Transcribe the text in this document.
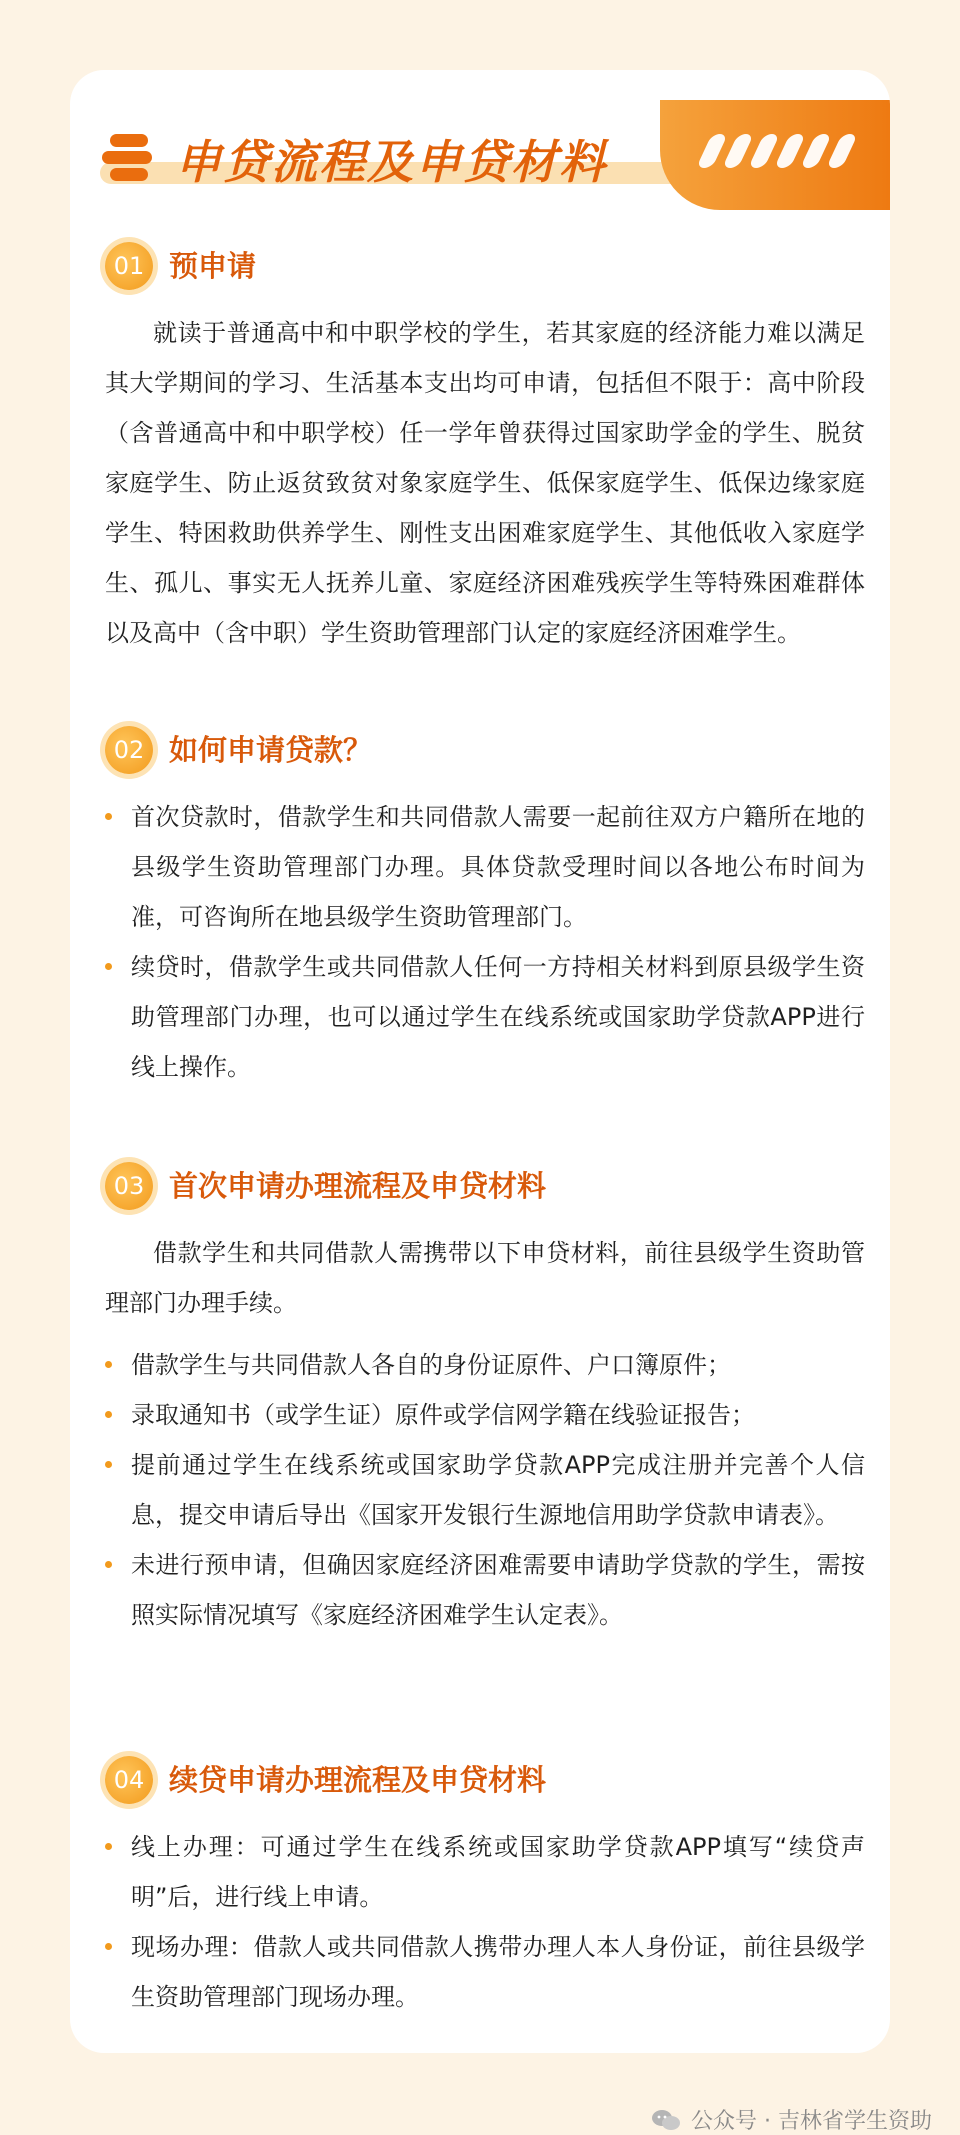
申贷流程及申贷材料
01 预申请

就读于普通高中和中职学校的学生，若其家庭的经济能力难以满足其大学期间的学习、生活基本支出均可申请，包括但不限于：高中阶段（含普通高中和中职学校）任一学年曾获得过国家助学金的学生、脱贫家庭学生、防止返贫致贫对象家庭学生、低保家庭学生、低保边缘家庭学生、特困救助供养学生、刚性支出困难家庭学生、其他低收入家庭学生、孤儿、事实无人抚养儿童、家庭经济困难残疾学生等特殊困难群体以及高中（含中职）学生资助管理部门认定的家庭经济困难学生。

02 如何申请贷款？
首次贷款时，借款学生和共同借款人需要一起前往双方户籍所在地的县级学生资助管理部门办理。具体贷款受理时间以各地公布时间为准，可咨询所在地县级学生资助管理部门。
续贷时，借款学生或共同借款人任何一方持相关材料到原县级学生资助管理部门办理，也可以通过学生在线系统或国家助学贷款APP进行线上操作。
03 首次申请办理流程及申贷材料

借款学生和共同借款人需携带以下申贷材料，前往县级学生资助管理部门办理手续。

借款学生与共同借款人各自的身份证原件、户口簿原件；
录取通知书（或学生证）原件或学信网学籍在线验证报告；
提前通过学生在线系统或国家助学贷款APP完成注册并完善个人信息，提交申请后导出《国家开发银行生源地信用助学贷款申请表》。
未进行预申请，但确因家庭经济困难需要申请助学贷款的学生，需按照实际情况填写《家庭经济困难学生认定表》。
04 续贷申请办理流程及申贷材料
线上办理：可通过学生在线系统或国家助学贷款APP填写“续贷声明”后，进行线上申请。
现场办理：借款人或共同借款人携带办理人本人身份证，前往县级学生资助管理部门现场办理。
公众号 · 吉林省学生资助
